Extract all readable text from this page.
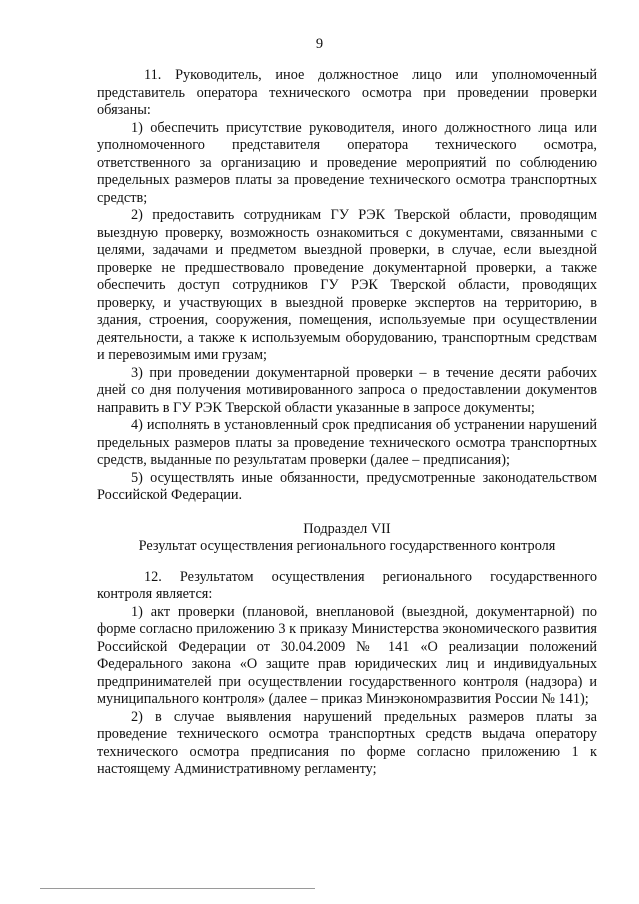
9

11. Руководитель, иное должностное лицо или уполномоченный представитель оператора технического осмотра при проведении проверки обязаны:

1) обеспечить присутствие руководителя, иного должностного лица или уполномоченного представителя оператора технического осмотра, ответственного за организацию и проведение мероприятий по соблюдению предельных размеров платы за проведение технического осмотра транспортных средств;

2) предоставить сотрудникам ГУ РЭК Тверской области, проводящим выездную проверку, возможность ознакомиться с документами, связанными с целями, задачами и предметом выездной проверки, в случае, если выездной проверке не предшествовало проведение документарной проверки, а также обеспечить доступ сотрудников ГУ РЭК Тверской области, проводящих проверку, и участвующих в выездной проверке экспертов на территорию, в здания, строения, сооружения, помещения, используемые при осуществлении деятельности, а также к используемым оборудованию, транспортным средствам и перевозимым ими грузам;

3) при проведении документарной проверки – в течение десяти рабочих дней со дня получения мотивированного запроса о предоставлении документов направить в ГУ РЭК Тверской области указанные в запросе документы;

4) исполнять в установленный срок предписания об устранении нарушений предельных размеров платы за проведение технического осмотра транспортных средств, выданные по результатам проверки (далее – предписания);

5) осуществлять иные обязанности, предусмотренные законодательством Российской Федерации.

Подраздел VII

Результат осуществления регионального государственного контроля

12. Результатом осуществления регионального государственного контроля является:

1) акт проверки (плановой, внеплановой (выездной, документарной) по форме согласно приложению 3 к приказу Министерства экономического развития Российской Федерации от 30.04.2009 № 141 «О реализации положений Федерального закона «О защите прав юридических лиц и индивидуальных предпринимателей при осуществлении государственного контроля (надзора) и муниципального контроля» (далее – приказ Минэкономразвития России № 141);

2) в случае выявления нарушений предельных размеров платы за проведение технического осмотра транспортных средств выдача оператору технического осмотра предписания по форме согласно приложению 1 к настоящему Административному регламенту;
